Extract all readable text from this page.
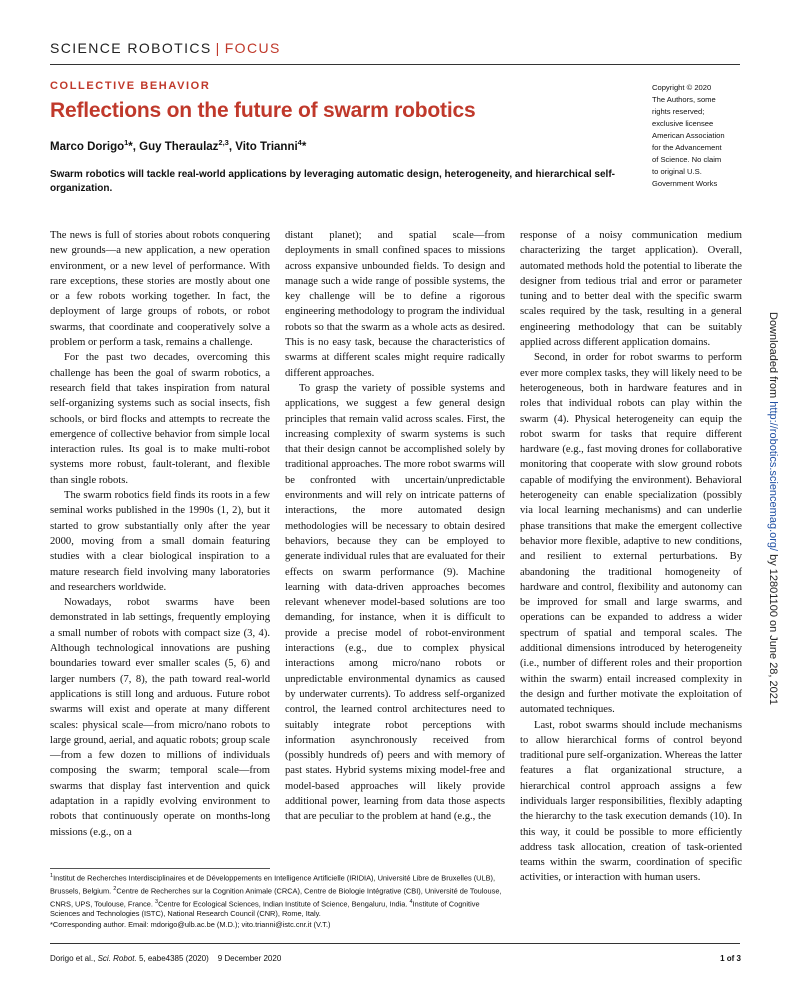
SCIENCE ROBOTICS | FOCUS
COLLECTIVE BEHAVIOR
Reflections on the future of swarm robotics
Marco Dorigo$^1$*, Guy Theraulaz$^{2,3}$, Vito Trianni$^4$*
Swarm robotics will tackle real-world applications by leveraging automatic design, heterogeneity, and hierarchical self-organization.
Copyright © 2020
The Authors, some
rights reserved;
exclusive licensee
American Association
for the Advancement
of Science. No claim
to original U.S.
Government Works

The news is full of stories about robots conquering new grounds—a new application, a new operation environment, or a new level of performance. With rare exceptions, these stories are mostly about one or a few robots working together. In fact, the deployment of large groups of robots, or robot swarms, that coordinate and cooperatively solve a problem or perform a task, remains a challenge.

For the past two decades, overcoming this challenge has been the goal of swarm robotics, a research field that takes inspiration from natural self-organizing systems such as social insects, fish schools, or bird flocks and attempts to recreate the emergence of collective behavior from simple local interaction rules. Its goal is to make multi-robot systems more robust, fault-tolerant, and flexible than single robots.

The swarm robotics field finds its roots in a few seminal works published in the 1990s (1, 2), but it started to grow substantially only after the year 2000, moving from a small domain featuring studies with a clear biological inspiration to a mature research field involving many laboratories and researchers worldwide.

Nowadays, robot swarms have been demonstrated in lab settings, frequently employing a small number of robots with compact size (3, 4). Although technological innovations are pushing boundaries toward ever smaller scales (5, 6) and larger numbers (7, 8), the path toward real-world applications is still long and arduous. Future robot swarms will exist and operate at many different scales: physical scale—from micro/nano robots to large ground, aerial, and aquatic robots; group scale—from a few dozen to millions of individuals composing the swarm; temporal scale—from swarms that display fast intervention and quick adaptation in a rapidly evolving environment to robots that continuously operate on months-long missions (e.g., on a

distant planet); and spatial scale—from deployments in small confined spaces to missions across expansive unbounded fields. To design and manage such a wide range of possible systems, the key challenge will be to define a rigorous engineering methodology to program the individual robots so that the swarm as a whole acts as desired. This is no easy task, because the characteristics of swarms at different scales might require radically different approaches.

To grasp the variety of possible systems and applications, we suggest a few general design principles that remain valid across scales. First, the increasing complexity of swarm systems is such that their design cannot be accomplished solely by traditional approaches. The more robot swarms will be confronted with uncertain/unpredictable environments and will rely on intricate patterns of interactions, the more automated design methodologies will be necessary to obtain desired behaviors, because they can be employed to generate individual rules that are evaluated for their effects on swarm performance (9). Machine learning with data-driven approaches becomes relevant whenever model-based solutions are too demanding, for instance, when it is difficult to provide a precise model of robot-environment interactions (e.g., due to complex physical interactions among micro/nano robots or unpredictable environmental dynamics as caused by underwater currents). To address self-organized control, the learned control architectures need to suitably integrate robot perceptions with information asynchronously received from (possibly hundreds of) peers and with memory of past states. Hybrid systems mixing model-free and model-based approaches will likely provide additional power, learning from data those aspects that are peculiar to the problem at hand (e.g., the

response of a noisy communication medium characterizing the target application). Overall, automated methods hold the potential to liberate the designer from tedious trial and error or parameter tuning and to better deal with the specific swarm scales required by the task, resulting in a general engineering methodology that can be suitably applied across different application domains.

Second, in order for robot swarms to perform ever more complex tasks, they will likely need to be heterogeneous, both in hardware features and in roles that individual robots can play within the swarm (4). Physical heterogeneity can equip the robot swarm for tasks that require different hardware (e.g., fast moving drones for collaborative monitoring that cooperate with slow ground robots capable of modifying the environment). Behavioral heterogeneity can enable specialization (possibly via local learning mechanisms) and can underlie phase transitions that make the emergent collective behavior more flexible, adaptive to new conditions, and resilient to external perturbations. By abandoning the traditional homogeneity of hardware and control, flexibility and autonomy can be improved for small and large swarms, and operations can be expanded to address a wider spectrum of spatial and temporal scales. The additional dimensions introduced by heterogeneity (i.e., number of different roles and their proportion within the swarm) entail increased complexity in the design and further motivate the exploitation of automated techniques.

Last, robot swarms should include mechanisms to allow hierarchical forms of control beyond traditional pure self-organization. Whereas the latter features a flat organizational structure, a hierarchical control approach assigns a few individuals larger responsibilities, flexibly adapting the hierarchy to the task execution demands (10). In this way, it could be possible to more efficiently address task allocation, creation of task-oriented teams within the swarm, coordination of specific activities, or interaction with human users.

$^1$Institut de Recherches Interdisciplinaires et de Développements en Intelligence Artificielle (IRIDIA), Université Libre de Bruxelles (ULB), Brussels, Belgium. $^2$Centre de Recherches sur la Cognition Animale (CRCA), Centre de Biologie Intégrative (CBI), Université de Toulouse, CNRS, UPS, Toulouse, France. $^3$Centre for Ecological Sciences, Indian Institute of Science, Bengaluru, India. $^4$Institute of Cognitive Sciences and Technologies (ISTC), National Research Council (CNR), Rome, Italy.

*Corresponding author. Email: mdorigo@ulb.ac.be (M.D.); vito.trianni@istc.cnr.it (V.T.)

Dorigo et al., Sci. Robot. 5, eabe4385 (2020) 9 December 2020	1 of 3
Downloaded from http://robotics.sciencemag.org/ by 12801100 on June 28, 2021
